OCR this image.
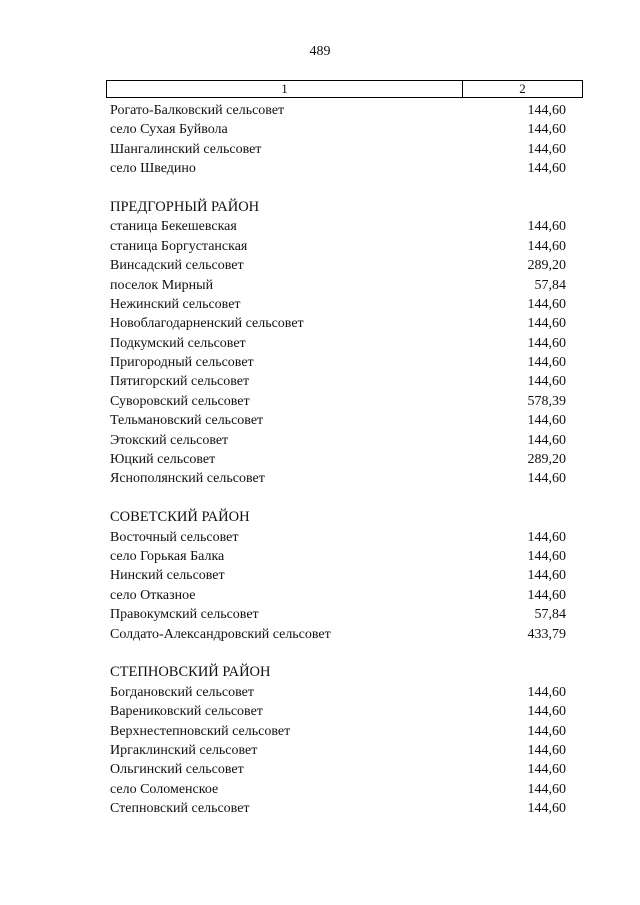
489
1	2
Рогато-Балковский сельсовет	144,60
село Сухая Буйвола	144,60
Шангалинский сельсовет	144,60
село Шведино	144,60
ПРЕДГОРНЫЙ РАЙОН
станица Бекешевская	144,60
станица Боргустанская	144,60
Винсадский сельсовет	289,20
поселок Мирный	57,84
Нежинский сельсовет	144,60
Новоблагодарненский сельсовет	144,60
Подкумский сельсовет	144,60
Пригородный сельсовет	144,60
Пятигорский сельсовет	144,60
Суворовский сельсовет	578,39
Тельмановский сельсовет	144,60
Этокский сельсовет	144,60
Юцкий сельсовет	289,20
Яснополянский сельсовет	144,60
СОВЕТСКИЙ РАЙОН
Восточный сельсовет	144,60
село Горькая Балка	144,60
Нинский сельсовет	144,60
село Отказное	144,60
Правокумский сельсовет	57,84
Солдато-Александровский сельсовет	433,79
СТЕПНОВСКИЙ РАЙОН
Богдановский сельсовет	144,60
Варениковский сельсовет	144,60
Верхнестепновский сельсовет	144,60
Иргаклинский сельсовет	144,60
Ольгинский сельсовет	144,60
село Соломенское	144,60
Степновский сельсовет	144,60
